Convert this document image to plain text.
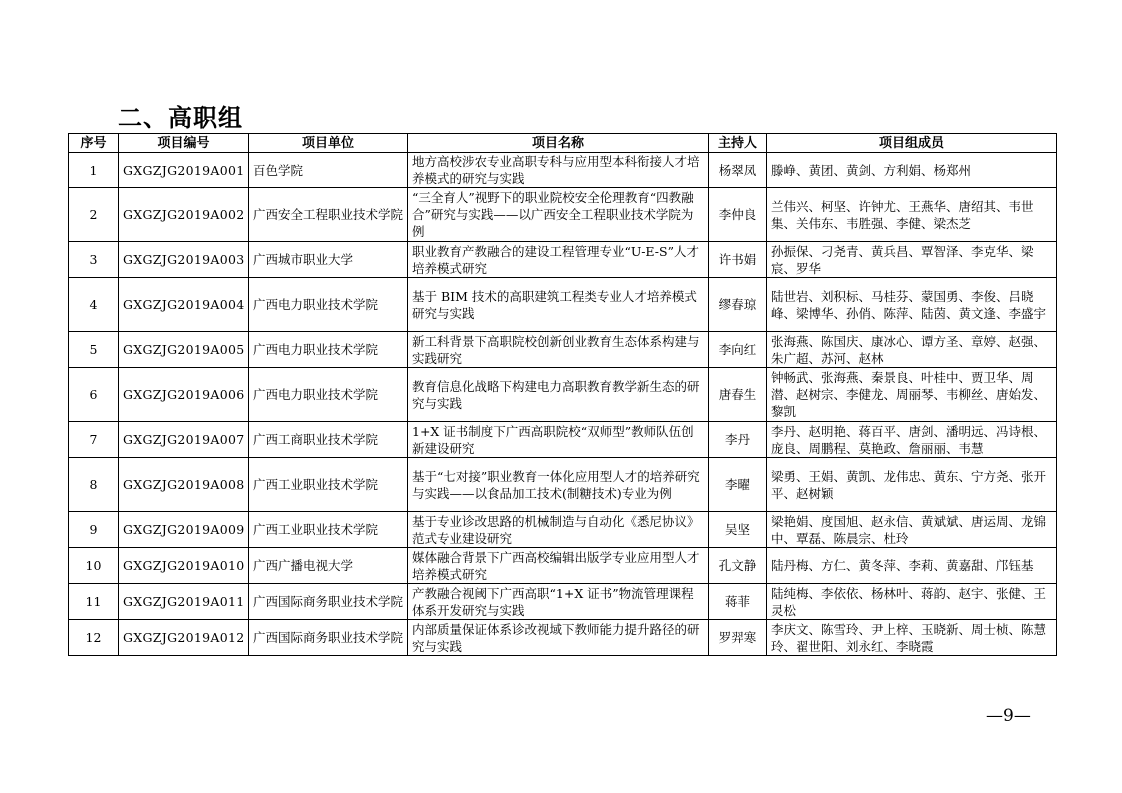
二、高职组
序号	项目编号	项目单位	项目名称	主持人	项目组成员
1	GXGZJG2019A001	百色学院	地方高校涉农专业高职专科与应用型本科衔接人才培养模式的研究与实践	杨翠凤	滕峥、黄团、黄剑、方利娟、杨郑州
2	GXGZJG2019A002	广西安全工程职业技术学院	“三全育人”视野下的职业院校安全伦理教育“四教融合”研究与实践——以广西安全工程职业技术学院为例	李仲良	兰伟兴、柯坚、许钟尤、王燕华、唐绍其、韦世集、关伟东、韦胜强、李健、梁杰芝
3	GXGZJG2019A003	广西城市职业大学	职业教育产教融合的建设工程管理专业“U-E-S”人才培养模式研究	许书娟	孙振保、刁尧青、黄兵昌、覃智泽、李克华、梁宸、罗华
4	GXGZJG2019A004	广西电力职业技术学院	基于 BIM 技术的高职建筑工程类专业人才培养模式研究与实践	缪春琼	陆世岩、刘积标、马桂芬、蒙国勇、李俊、吕晓峰、梁博华、孙俏、陈萍、陆茵、黄文逢、李盛宇
5	GXGZJG2019A005	广西电力职业技术学院	新工科背景下高职院校创新创业教育生态体系构建与实践研究	李向红	张海燕、陈国庆、康冰心、谭方圣、章婷、赵强、朱广超、苏河、赵林
6	GXGZJG2019A006	广西电力职业技术学院	教育信息化战略下构建电力高职教育教学新生态的研究与实践	唐春生	钟畅武、张海燕、秦景良、叶桂中、贾卫华、周潜、赵树宗、李健龙、周丽琴、韦柳丝、唐始发、黎凯
7	GXGZJG2019A007	广西工商职业技术学院	1+X 证书制度下广西高职院校“双师型”教师队伍创新建设研究	李丹	李丹、赵明艳、蒋百平、唐剑、潘明远、冯诗根、庞良、周鹏程、莫艳政、詹丽丽、韦慧
8	GXGZJG2019A008	广西工业职业技术学院	基于“七对接”职业教育一体化应用型人才的培养研究与实践——以食品加工技术(制糖技术)专业为例	李曜	梁勇、王娟、黄凯、龙伟忠、黄东、宁方尧、张开平、赵树颖
9	GXGZJG2019A009	广西工业职业技术学院	基于专业诊改思路的机械制造与自动化《悉尼协议》范式专业建设研究	吴坚	梁艳娟、度国旭、赵永信、黄斌斌、唐运周、龙锦中、覃磊、陈晨宗、杜玲
10	GXGZJG2019A010	广西广播电视大学	媒体融合背景下广西高校编辑出版学专业应用型人才培养模式研究	孔文静	陆丹梅、方仁、黄冬萍、李莉、黄嘉甜、邝钰基
11	GXGZJG2019A011	广西国际商务职业技术学院	产教融合视阈下广西高职“1+X 证书”物流管理课程体系开发研究与实践	蒋菲	陆纯梅、李依依、杨林叶、蒋韵、赵宇、张健、王灵松
12	GXGZJG2019A012	广西国际商务职业技术学院	内部质量保证体系诊改视域下教师能力提升路径的研究与实践	罗羿寒	李庆文、陈雪玲、尹上梓、玉晓新、周士桢、陈慧玲、翟世阳、刘永红、李晓霞
—9—
